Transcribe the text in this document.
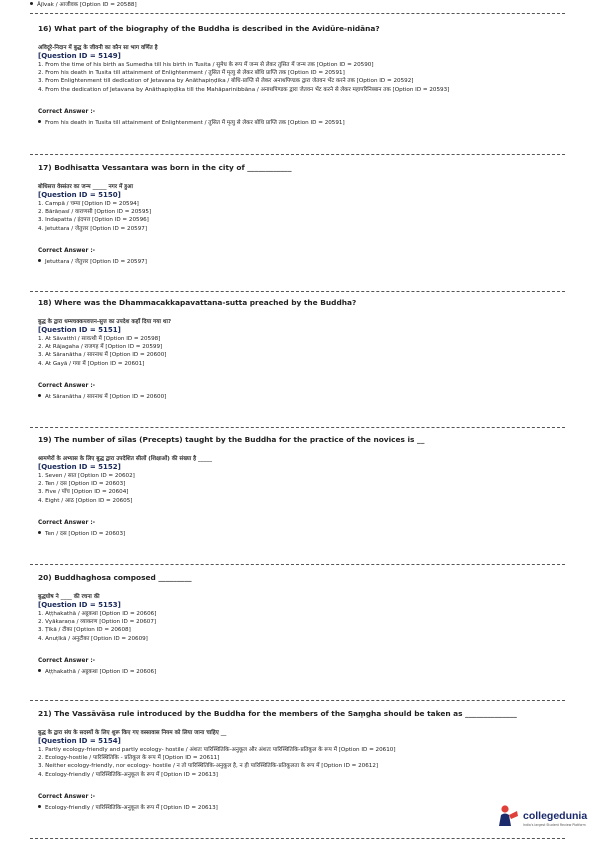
Ājīvak / आजीवक [Option ID = 20588]
16) What part of the biography of the Buddha is described in the Avidūre-nidāna?
अविदूरे-निदान में बुद्ध के जीवनी का कौन सा भाग वर्णित है
[Question ID = 5149]
1. From the time of his birth as Sumedha till his birth in Tusita / सुमेध के रूप में जन्म से लेकर तुसित में जन्म तक [Option ID = 20590]
2. From his death in Tusita till attainment of Enlightenment / तुसित में मृत्यु से लेकर बोधि प्राप्ति तक [Option ID = 20591]
3. From Enlightenment till dedication of Jetavana by Anāthapiṇḍika / बोधि-प्राप्ति से लेकर अनाथपिण्डक द्वारा जेतवन भेंट करने तक [Option ID = 20592]
4. From the dedication of Jetavana by Anāthapiṇḍika till the Mahāparinibbāna / अनाथपिण्डक द्वारा जेतवन भेंट करने से लेकर महापरिनिब्बान तक [Option ID = 20593]
Correct Answer :-
From his death in Tusita till attainment of Enlightenment / तुसित में मृत्यु से लेकर बोधि प्राप्ति तक [Option ID = 20591]
17) Bodhisatta Vessantara was born in the city of ____________
बोधिसत्त वेस्संतर का जन्म _____ नगर में हुआ
[Question ID = 5150]
1. Campā / चम्पा [Option ID = 20594]
2. Bārāṇasī / वाराणसी [Option ID = 20595]
3. Indapatta / इंदपत्त [Option ID = 20596]
4. Jetuttara / जेतुत्तर [Option ID = 20597]
Correct Answer :-
Jetuttara / जेतुत्तर [Option ID = 20597]
18) Where was the Dhammacakkapavattana-sutta preached by the Buddha?
बुद्ध के द्वारा धम्मचक्कपवत्तन-सुत्त का उपदेश कहाँ दिया गया था?
[Question ID = 5151]
1. At Sāvatthī / सावत्थी में [Option ID = 20598]
2. At Rājagaha / राजगह में [Option ID = 20599]
3. At Sāranātha / सारनाथ में [Option ID = 20600]
4. At Gayā / गया में [Option ID = 20601]
Correct Answer :-
At Sāranātha / सारनाथ में [Option ID = 20600]
19) The number of sīlas (Precepts) taught by the Buddha for the practice of the novices is __
श्रामणेरों के अभ्यास के लिए बुद्ध द्वारा उपदेशित सीलों (शिक्षाओं) की संख्या है _____
[Question ID = 5152]
1. Seven / सात [Option ID = 20602]
2. Ten / दस [Option ID = 20603]
3. Five / पाँच [Option ID = 20604]
4. Eight / आठ [Option ID = 20605]
Correct Answer :-
Ten / दस [Option ID = 20603]
20) Buddhaghosa composed _________
बुद्धघोष ने ____ की रचना की
[Question ID = 5153]
1. Aṭṭhakathā / अट्ठकथा [Option ID = 20606]
2. Vyākaraṇa / व्याकरण [Option ID = 20607]
3. Ṭīkā / टीका [Option ID = 20608]
4. Anuṭīkā / अनुटीका [Option ID = 20609]
Correct Answer :-
Aṭṭhakathā / अट्ठकथा [Option ID = 20606]
21) The Vassāvāsa rule introduced by the Buddha for the members of the Saṃgha should be taken as ______________
बुद्ध के द्वारा संघ के सदस्यों के लिए शुरू किए गए वस्सावास नियम को लिया जाना चाहिए __
[Question ID = 5154]
1. Partly ecology-friendly and partly ecology- hostile / अंशतः पारिस्थितिकि-अनुकूल और अंशतः पारिस्थितिकि-प्रतिकूल के रूप में [Option ID = 20610]
2. Ecology-hostile / पारिस्थितिकि - प्रतिकूल के रूप में [Option ID = 20611]
3. Neither ecology-friendly, nor ecology- hostile / न तो पारिस्थितिकि-अनुकूल है, न ही पारिस्थितिकि-प्रतिकूलता के रूप में [Option ID = 20612]
4. Ecology-friendly / पारिस्थितिकि-अनुकूल के रूप में [Option ID = 20613]
Correct Answer :-
Ecology-friendly / पारिस्थितिकि-अनुकूल के रूप में [Option ID = 20613]
collegedunia
India's largest Student Review Platform
